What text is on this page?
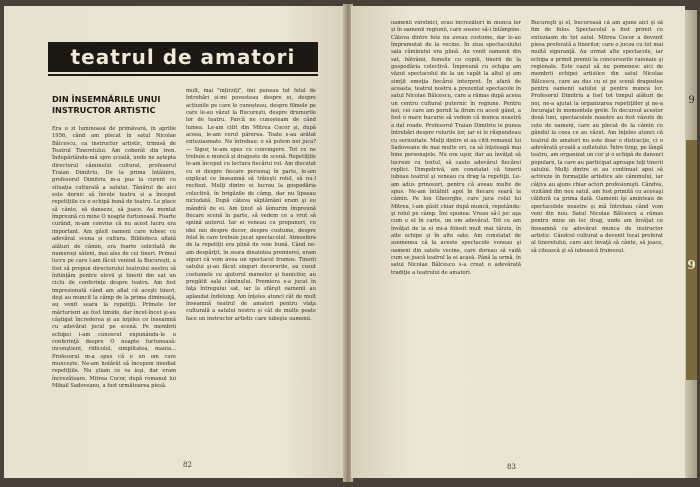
teatrul de amatori
DIN ÎNSEMNĂRILE UNUI INSTRUCTOR ARTISTIC
Era o zi luminoasă de primăvară, în aprilie 1956, când am plecat în satul Nicolae Bălcescu, ca instructor artistic, trimisă de Teatrul Tineretului. Am coborât din tren. Îndepărtându-mă spre școală, unde ne aștepta directorul căminului cultural, profesorul Traian Dimitriu. De la prima întâlnire, profesorul Dimitriu m-a pus la curent cu situația culturală a satului. Tânărul de aici este dornic să învețe teatru și a început repetițiile cu o echipă bună de teatru. Le place să cânte, să danseze, să joace. Au montat împreună cu mine O noapte furtunoasă. Foarte curând, m-am convins că nu acest lucru era important. Am găsit oameni care iubesc cu adevărat scena și cultura. Biblioteca aflată alături de cămin, era foarte solicitată de numeroși săteni, mai ales de cei tineri. Primul lucru pe care l-am făcut venind la Bucureşti, a fost să propun directorului teatrului nostru să înfiinţăm pentru elevii şi tinerii din sat un ciclu de conferinţe despre teatru. Am fost impresionată când am aflat că aceşti tineri, deşi au muncit la câmp de la prima dimineaţă, au venit seara la repetiţii. Primele lor mărturisiri au fost timide, dar încet-încet şi-au câştigat încrederea şi au înţeles ce înseamnă cu adevărat jocul pe scenă. Pe membrii echipei i-am cunoscut expunându-le o conferinţă despre O noapte furtunoasă: inconştient, ridicolul, simplitatea, mania... Profesorul m-a spus că e un om care muncește. Ne-am hotărât să începem imediat repetiţiile. Nu ştiam ce va ieşi, dar eram încrezătoare. Mitrea Cocor, după romanul lui Mihail Sadoveanu, a fost următoarea piesă.
mult, mai "înțîrzîți", îmi puneau tot felul de întrebări și-mi povesteau despre ei, despre acțiunile pe care le cunoșteau, despre filmele pe care le-au văzut la București, despre drumurile lor de teatru. Parcă ne cunoșteam de când lumea. Le-am citit din Mitrea Cocor și, după aceea, le-am cerut părerea. Toate s-au arătat entuziasmate. Ne întrebau: o să putem noi juca? — Sigur, le-am spus cu convingere. Tot ce ne trebuie e muncă și dragoste de scenă. Repetiţiile le-am început cu lectura fiecărui rol. Am discutat cu ei despre fiecare personaj în parte, le-am explicat ce înseamnă să trăieşti rolul, să nu-l recitezi. Mulţi dintre ei lucrau la gospodăria colectivă, în brigăzile de câmp, dar nu lipseau niciodată. După câteva săptămâni eram şi eu mândră de ei. Am ţinut să lămurim împreună fiecare scenă în parte, să vedem ce a vrut să spună autorul. Iar ei veneau cu propuneri, cu idei noi despre decor, despre costume, despre felul în care trebuie jucat spectacolul. Atmosfera de la repetiţii era plină de voie bună. Când ne-am despărţit, în seara dinaintea premierei, eram siguri că vom avea un spectacol frumos. Tinerii satului şi-au făcut singuri decorurile, au cusut costumele cu ajutorul mamelor şi bunicilor, au pregătit sala căminului. Premiera s-a jucat în faţa întregului sat, iar la sfârşit oamenii au aplaudat îndelung. Am înţeles atunci cât de mult înseamnă teatrul de amatori pentru viaţa culturală a satului nostru şi cât de multe poate face un instructor artistic care iubeşte oamenii.
82
oamenii vârstnici, erau încrezători în munca lor și în oamenii regiunii, care sosesc să-i întâmpine. Câteva dintre fete nu aveau costume, dar le-au împrumutat de la vecine. În ziua spectacolului sala căminului era plină. Au venit oamenii din sat, bătrânii, femeile cu copiii, tinerii de la gospodăria colectivă. Împreună cu echipa am văzut spectacolul de la un capăt la altul şi am simţit emoţia fiecărui interpret. În afară de aceasta, teatrul nostru a prezentat spectacole în satul Nicolae Bălcescu, care a rămas după aceea un centru cultural puternic în regiune. Pentru noi, cei care am pornit la drum cu acest gând, a fost o mare bucurie să vedem că munca noastră a dat roade. Profesorul Traian Dimitriu le punea întrebări despre rolurile lor, iar ei le răspundeau cu seriozitate. Mulţi dintre ei au citit romanul lui Sadoveanu de mai multe ori, ca să înţeleagă mai bine personajele. Nu era uşor, dar au învăţat să lucreze cu textul, să caute adevărul fiecărei replici. Dimpotrivă, am constatat că tinerii iubeau teatrul şi veneau cu drag la repetiţii. Le-am adus prinosuri, pentru că aveau multe de spus. Ne-am întâlnit apoi în fiecare seară la cămin. Pe Ion Gheorghe, care juca rolul lui Mitrea, l-am găsit chiar după muncă, repetându-şi rolul pe câmp. Îmi spunea: Vreau să-l joc aşa cum e el în carte, un om adevărat. Tot ce am învăţat de la ei mi-a folosit mult mai târziu, în alte echipe şi în alte sate. Am constatat de asemenea că la aceste spectacole veneau şi oameni din satele vecine, care doreau să vadă cum se joacă teatrul la ei acasă. Până la urmă, în satul Nicolae Bălcescu s-a creat o adevărată tradiţie a teatrului de amatori.
Bucureşti şi el, bucuroasă că am ajuns aici şi să fim de folos. Spectacolul a fost primit cu entuziasm de tot satul. Mitrea Cocor a devenit piesa preferată a tinerilor, care o jucau cu tot mai multă siguranţă. Au urmat alte spectacole, iar echipa a primit premii la concursurile raionale şi regionale. Este cazul să nu pomenesc aici de membrii echipei artistice din satul Nicolae Bălcescu, care au dus cu ei pe scenă dragostea pentru oamenii satului şi pentru munca lor. Profesorul Dimitriu a fost tot timpul alături de noi, ne-a ajutat la organizarea repetiţiilor şi ne-a încurajat în momentele grele. În decursul acestor două luni, spectacolele noastre au fost văzute de sute de oameni, care au plecat de la cămin cu gândul la ceea ce au văzut. Am înţeles atunci că teatrul de amatori nu este doar o distracţie, ci o adevărată şcoală a sufletului. Între timp, pe lângă teatru, am organizat un cor şi o echipă de dansuri populare, la care au participat aproape toţi tinerii satului. Mulţi dintre ei au continuat apoi să activeze în formaţiile artistice ale căminului, iar câţiva au ajuns chiar actori profesionişti. Cândva, vizitând din nou satul, am fost primită cu aceeaşi căldură ca prima dată. Oamenii îşi aminteau de spectacolele noastre şi mă întrebau când vom veni din nou. Satul Nicolae Bălcescu a rămas pentru mine un loc drag, unde am învăţat ce înseamnă cu adevărat munca de instructor artistic. Cândcel cultural a devenit local preferat al tineretului, care aici învaţă să cânte, să joace, să citească şi să iubească frumosul.
83
9
9
